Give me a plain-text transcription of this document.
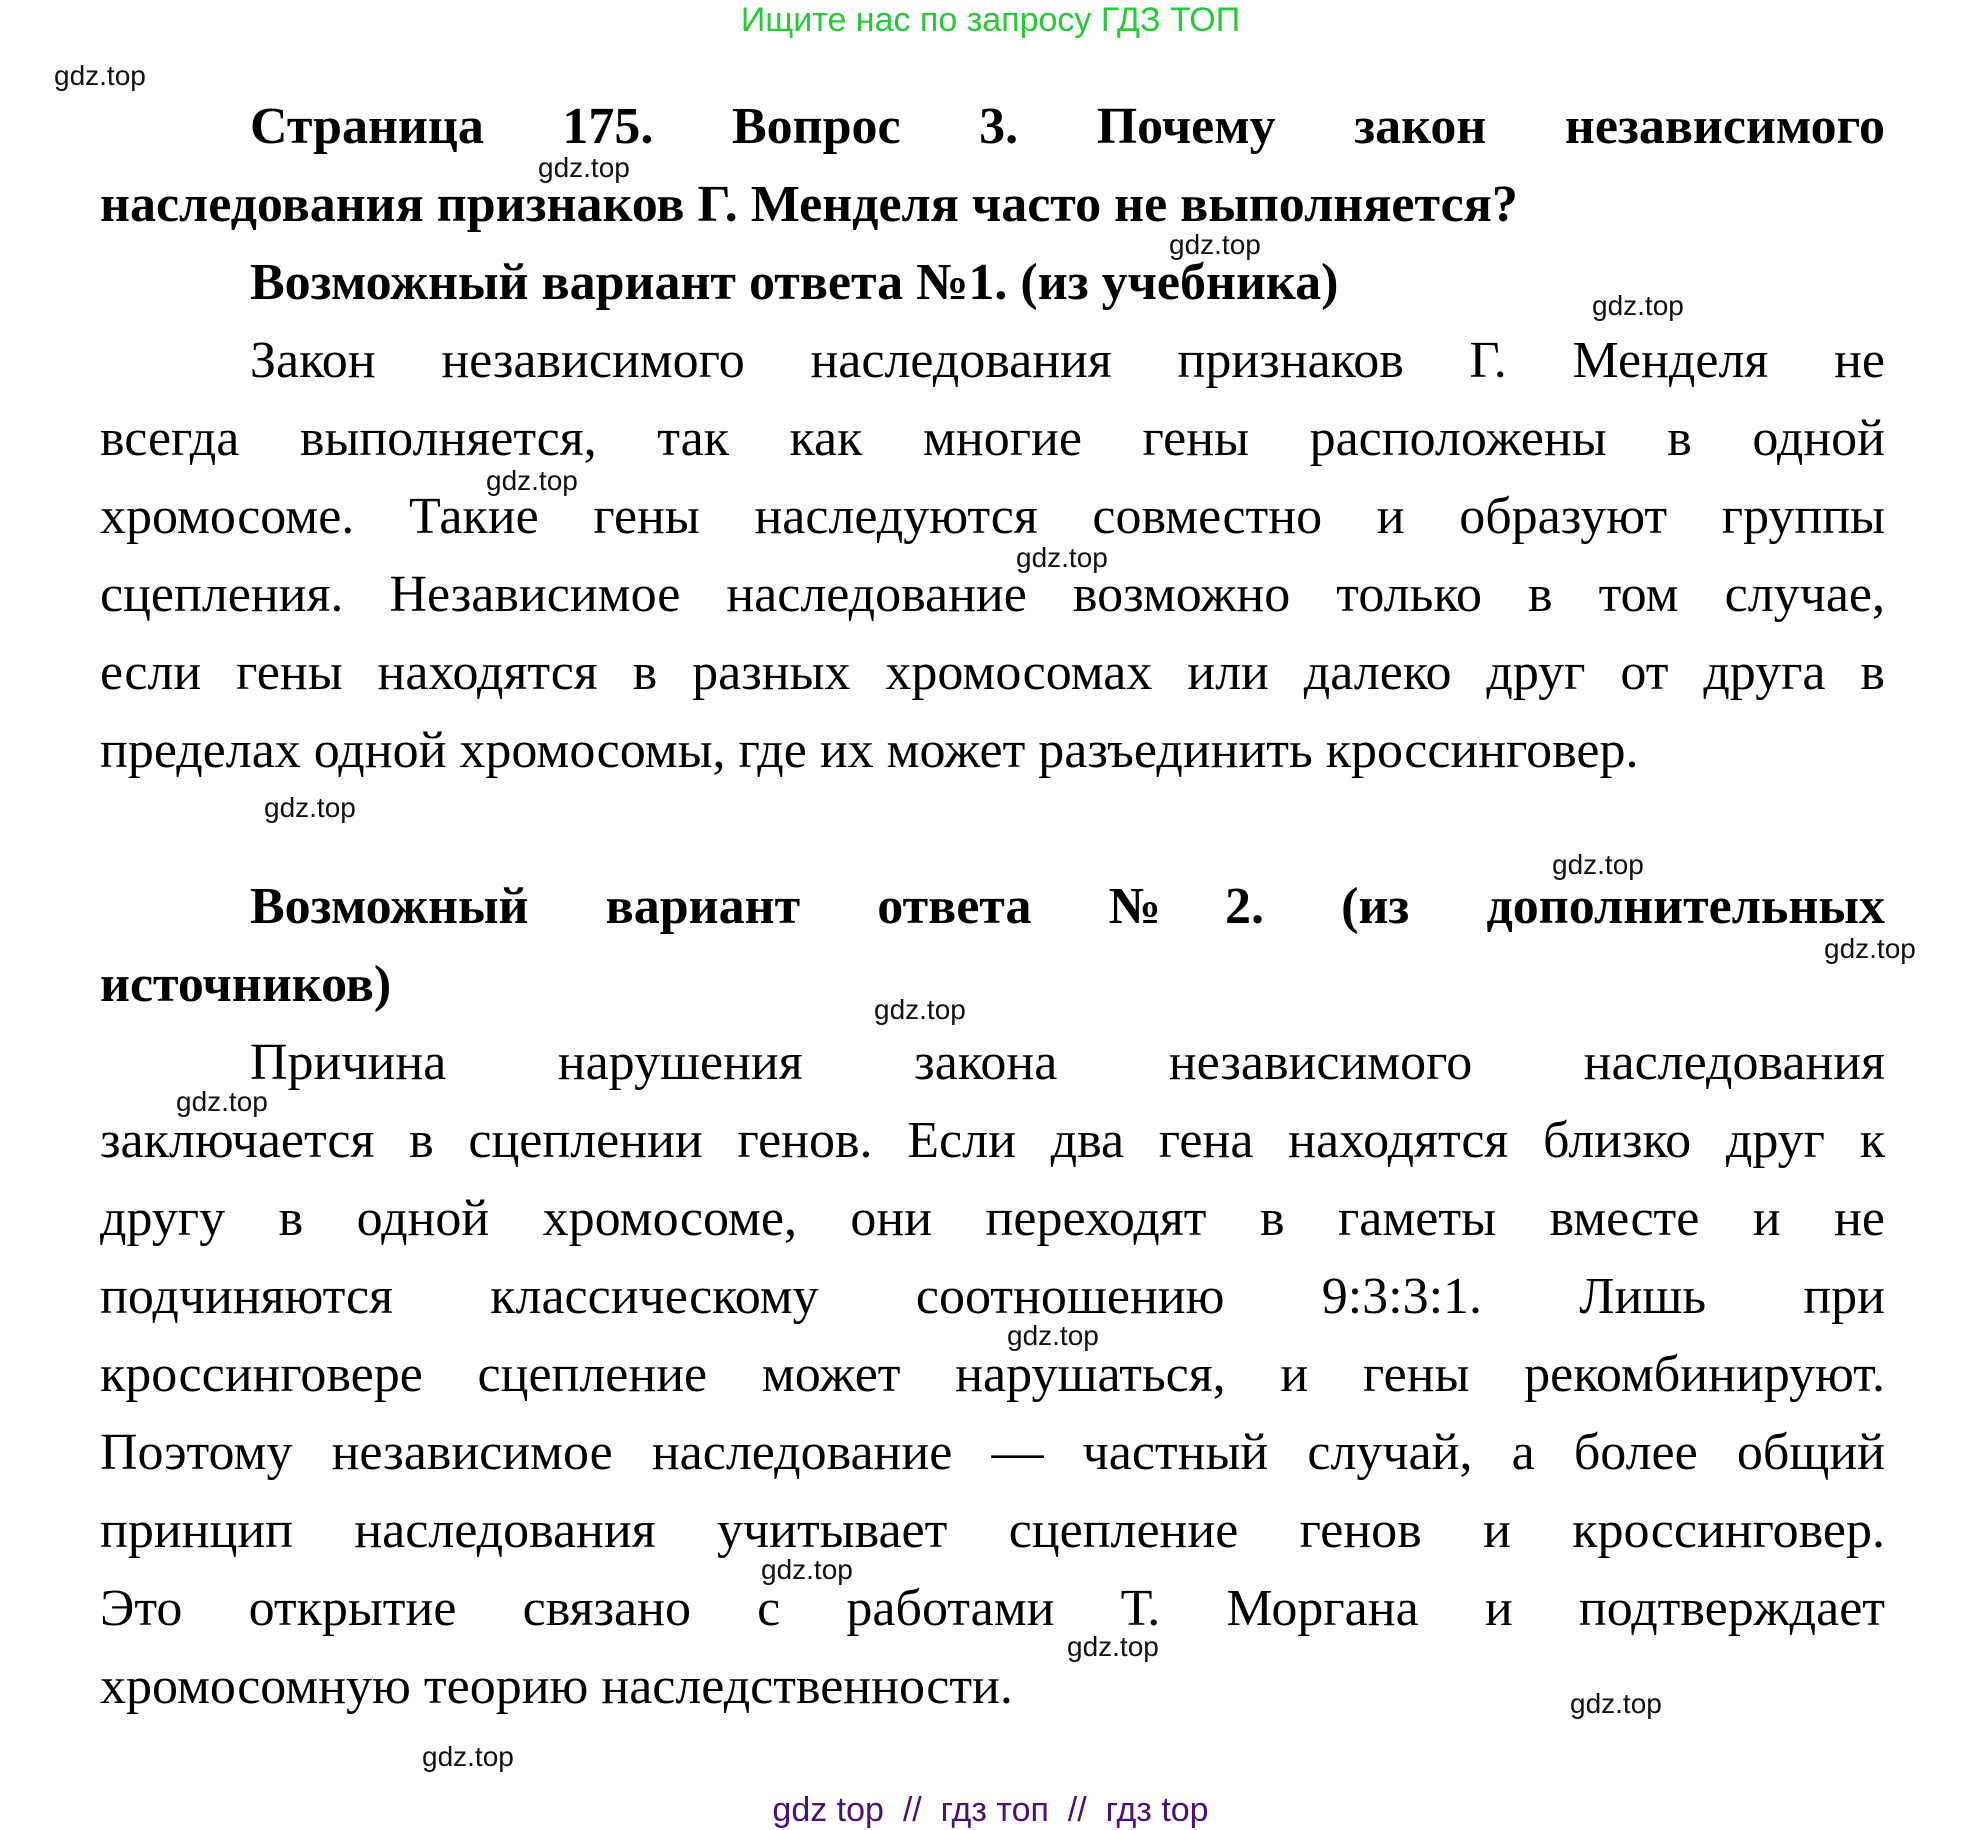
Ищите нас по запросу ГДЗ ТОП
gdz.top
gdz.top
gdz.top
gdz.top
gdz.top
gdz.top
gdz.top
gdz.top
gdz.top
gdz.top
gdz.top
gdz.top
gdz.top
gdz.top
gdz.top
gdz.top
Страница 175. Вопрос 3. Почему закон независимого
наследования признаков Г. Менделя часто не выполняется?
Возможный вариант ответа №1. (из учебника)
Закон независимого наследования признаков Г. Менделя не
всегда выполняется, так как многие гены расположены в одной
хромосоме. Такие гены наследуются совместно и образуют группы
сцепления. Независимое наследование возможно только в том случае,
если гены находятся в разных хромосомах или далеко друг от друга в
пределах одной хромосомы, где их может разъединить кроссинговер.
Возможный вариант ответа №2. (из дополнительных
источников)
Причина нарушения закона независимого наследования
заключается в сцеплении генов. Если два гена находятся близко друг к
другу в одной хромосоме, они переходят в гаметы вместе и не
подчиняются классическому соотношению 9:3:3:1. Лишь при
кроссинговере сцепление может нарушаться, и гены рекомбинируют.
Поэтому независимое наследование — частный случай, а более общий
принцип наследования учитывает сцепление генов и кроссинговер.
Это открытие связано с работами Т. Моргана и подтверждает
хромосомную теорию наследственности.
gdz top  //  гдз топ  //  гдз top
